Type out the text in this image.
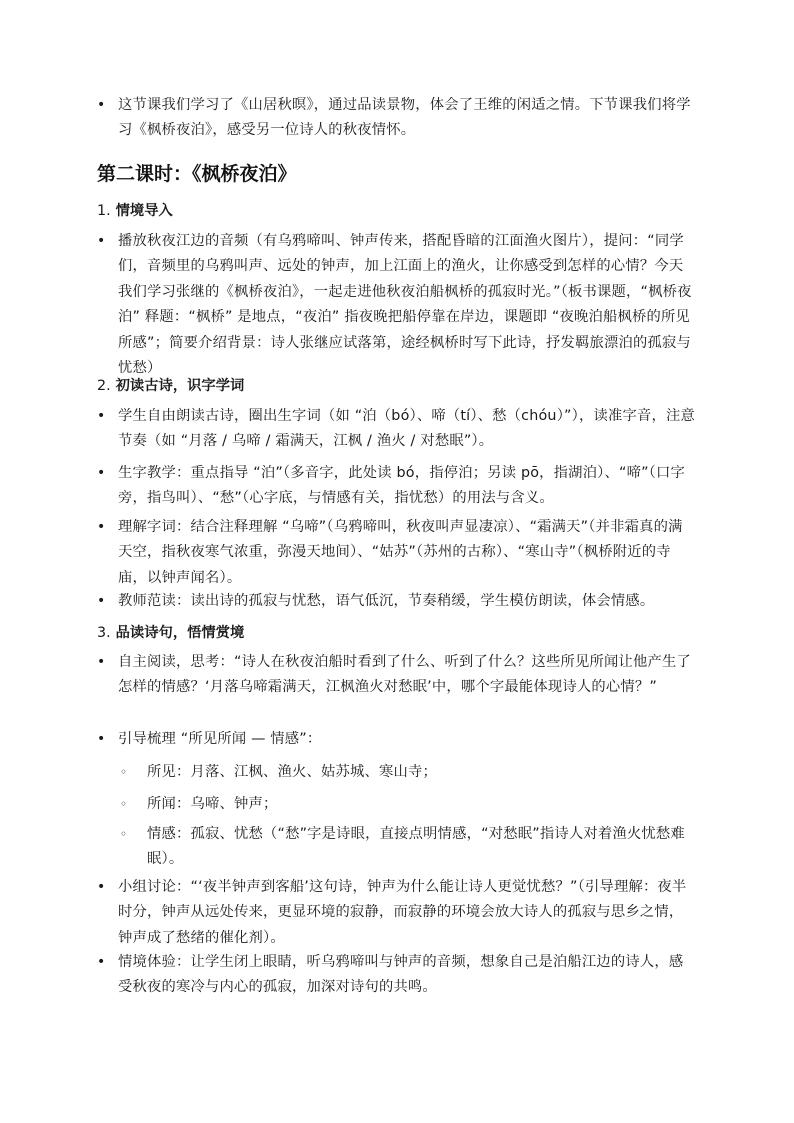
• 这节课我们学习了《山居秋暝》，通过品读景物，体会了王维的闲适之情。下节课我们将学习《枫桥夜泊》，感受另一位诗人的秋夜情怀。
第二课时：《枫桥夜泊》
1. 情境导入
• 播放秋夜江边的音频（有乌鸦啼叫、钟声传来，搭配昏暗的江面渔火图片），提问：“同学们，音频里的乌鸦叫声、远处的钟声，加上江面上的渔火，让你感受到怎样的心情？今天我们学习张继的《枫桥夜泊》，一起走进他秋夜泊船枫桥的孤寂时光。”（板书课题，“枫桥夜泊” 释题：“枫桥” 是地点，“夜泊” 指夜晚把船停靠在岸边，课题即 “夜晚泊船枫桥的所见所感”；简要介绍背景：诗人张继应试落第，途经枫桥时写下此诗，抒发羁旅漂泊的孤寂与忧愁）
2. 初读古诗，识字学词
• 学生自由朗读古诗，圈出生字词（如 “泊（bó）、啼（tí）、愁（chóu）”），读准字音，注意节奏（如 “月落 / 乌啼 / 霜满天，江枫 / 渔火 / 对愁眠”）。
• 生字教学：重点指导 “泊”（多音字，此处读 bó，指停泊；另读 pō，指湖泊）、“啼”（口字旁，指鸟叫）、“愁”（心字底，与情感有关，指忧愁）的用法与含义。
• 理解字词：结合注释理解 “乌啼”（乌鸦啼叫，秋夜叫声显凄凉）、“霜满天”（并非霜真的满天空，指秋夜寒气浓重，弥漫天地间）、“姑苏”（苏州的古称）、“寒山寺”（枫桥附近的寺庙，以钟声闻名）。
• 教师范读：读出诗的孤寂与忧愁，语气低沉，节奏稍缓，学生模仿朗读，体会情感。
3. 品读诗句，悟情赏境
• 自主阅读，思考：“诗人在秋夜泊船时看到了什么、听到了什么？这些所见所闻让他产生了怎样的情感？‘月落乌啼霜满天，江枫渔火对愁眠’中，哪个字最能体现诗人的心情？”
• 引导梳理 “所见所闻 — 情感”：
◦	所见：月落、江枫、渔火、姑苏城、寒山寺；
◦	所闻：乌啼、钟声；
◦	情感：孤寂、忧愁（“愁”字是诗眼，直接点明情感，“对愁眠”指诗人对着渔火忧愁难眠）。
• 小组讨论：“‘夜半钟声到客船’这句诗，钟声为什么能让诗人更觉忧愁？”（引导理解：夜半时分，钟声从远处传来，更显环境的寂静，而寂静的环境会放大诗人的孤寂与思乡之情，钟声成了愁绪的催化剂）。
• 情境体验：让学生闭上眼睛，听乌鸦啼叫与钟声的音频，想象自己是泊船江边的诗人，感受秋夜的寒冷与内心的孤寂，加深对诗句的共鸣。
